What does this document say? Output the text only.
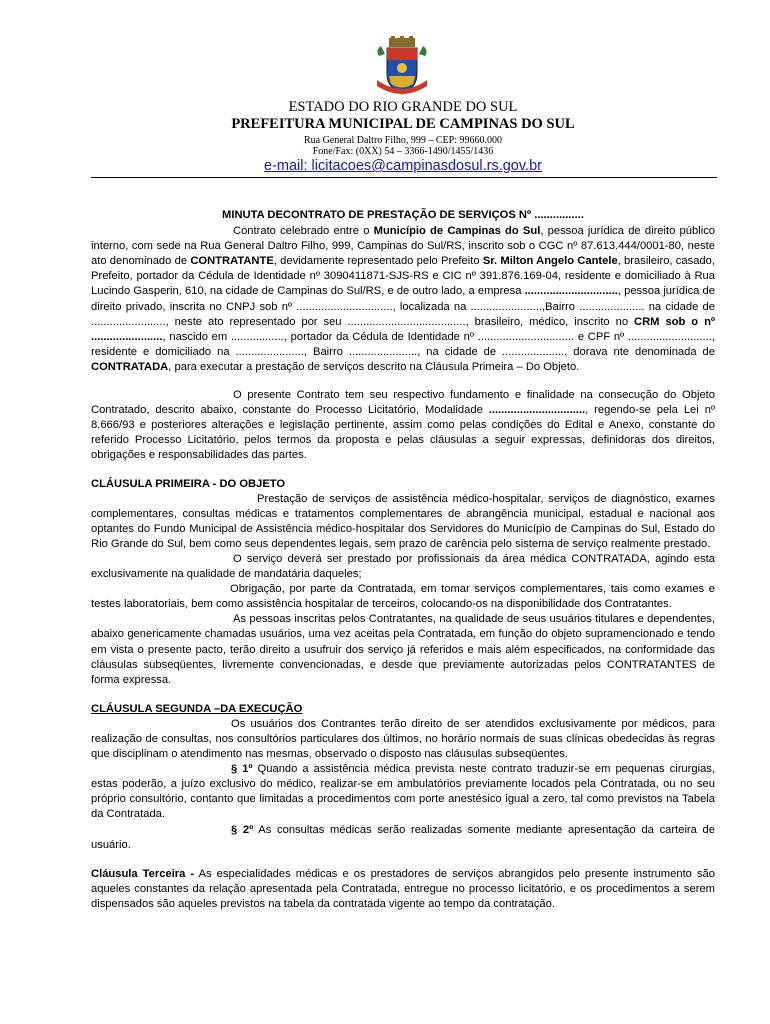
ESTADO DO RIO GRANDE DO SUL
PREFEITURA MUNICIPAL DE CAMPINAS DO SUL
Rua General Daltro Filho, 999 – CEP: 99660.000
Fone/Fax: (0XX) 54 – 3366-1490/1455/1436
e-mail: licitacoes@campinasdosul.rs.gov.br

MINUTA DECONTRATO DE PRESTAÇÃO DE SERVIÇOS Nº ................

Contrato celebrado entre o Município de Campinas do Sul, pessoa jurídica de direito público interno, com sede na Rua General Daltro Filho, 999, Campinas do Sul/RS, inscrito sob o CGC nº 87.613.444/0001-80, neste ato denominado de CONTRATANTE, devidamente representado pelo Prefeito Sr. Milton Angelo Cantele, brasileiro, casado, Prefeito, portador da Cédula de Identidade nº 3090411871-SJS-RS e CIC nº 391.876.169-04, residente e domiciliado à Rua Lucindo Gasperin, 610, na cidade de Campinas do Sul/RS, e de outro lado, a empresa .............................., pessoa jurídica de direito privado, inscrita no CNPJ sob nº ..............................., localizada na .......................,Bairro ..................... na cidade de ........................, neste ato representado por seu ......................................, brasileiro, médico, inscrito no CRM sob o nº ......................., nascido em ................., portador da Cédula de Identidade nº ............................... e CPF nº ..........................., residente e domiciliado na ......................, Bairro ......................, na cidade de ...................., dorava nte denominada de CONTRATADA, para executar a prestação de serviços descrito na Cláusula Primeira – Do Objeto.

O presente Contrato tem seu respectivo fundamento e finalidade na consecução do Objeto Contratado, descrito abaixo, constante do Processo Licitatório, Modalidade ..............................., regendo-se pela Lei nº 8.666/93 e posteriores alterações e legislação pertinente, assim como pelas condições do Edital e Anexo, constante do referido Processo Licitatório, pelos termos da proposta e pelas cláusulas a seguir expressas, definidoras dos direitos, obrigações e responsabilidades das partes.

CLÁUSULA PRIMEIRA - DO OBJETO

Prestação de serviços de assistência médico-hospitalar, serviços de diagnóstico, exames complementares, consultas médicas e tratamentos complementares de abrangência municipal, estadual e nacional aos optantes do Fundo Municipal de Assistência médico-hospitalar dos Servidores do Município de Campinas do Sul, Estado do Rio Grande do Sul, bem como seus dependentes legais, sem prazo de carência pelo sistema de serviço realmente prestado.

O serviço deverá ser prestado por profissionais da área médica CONTRATADA, agindo esta exclusivamente na qualidade de mandatária daqueles;

Obrigação, por parte da Contratada, em tomar serviços complementares, tais como exames e testes laboratoriais, bem como assistência hospitalar de terceiros, colocando-os na disponibilidade dos Contratantes.

As pessoas inscritas pelos Contratantes, na qualidade de seus usuários titulares e dependentes, abaixo genericamente chamadas usuários, uma vez aceitas pela Contratada, em função do objeto supramencionado e tendo em vista o presente pacto, terão direito a usufruir dos serviço já referidos e mais além especificados, na conformidade das cláusulas subseqüentes, livremente convencionadas, e desde que previamente autorizadas pelos CONTRATANTES de forma expressa.

CLÁUSULA SEGUNDA –DA EXECUÇÃO

Os usuários dos Contrantes terão direito de ser atendidos exclusivamente por médicos, para realização de consultas, nos consultórios particulares dos últimos, no horário normais de suas clínicas obedecidas às regras que disciplinam o atendimento nas mesmas, observado o disposto nas cláusulas subseqüentes.

§ 1º Quando a assistência médica prevista neste contrato traduzir-se em pequenas cirurgias, estas poderão, a juízo exclusivo do médico, realizar-se em ambulatórios previamente locados pela Contratada, ou no seu próprio consultório, contanto que limitadas a procedimentos com porte anestésico igual a zero, tal como previstos na Tabela da Contratada.

§ 2º As consultas médicas serão realizadas somente mediante apresentação da carteira de usuário.

Cláusula Terceira - As especialidades médicas e os prestadores de serviços abrangidos pelo presente instrumento são aqueles constantes da relação apresentada pela Contratada, entregue no processo licitatório, e os procedimentos a serem dispensados são aqueles previstos na tabela da contratada vigente ao tempo da contratação.
